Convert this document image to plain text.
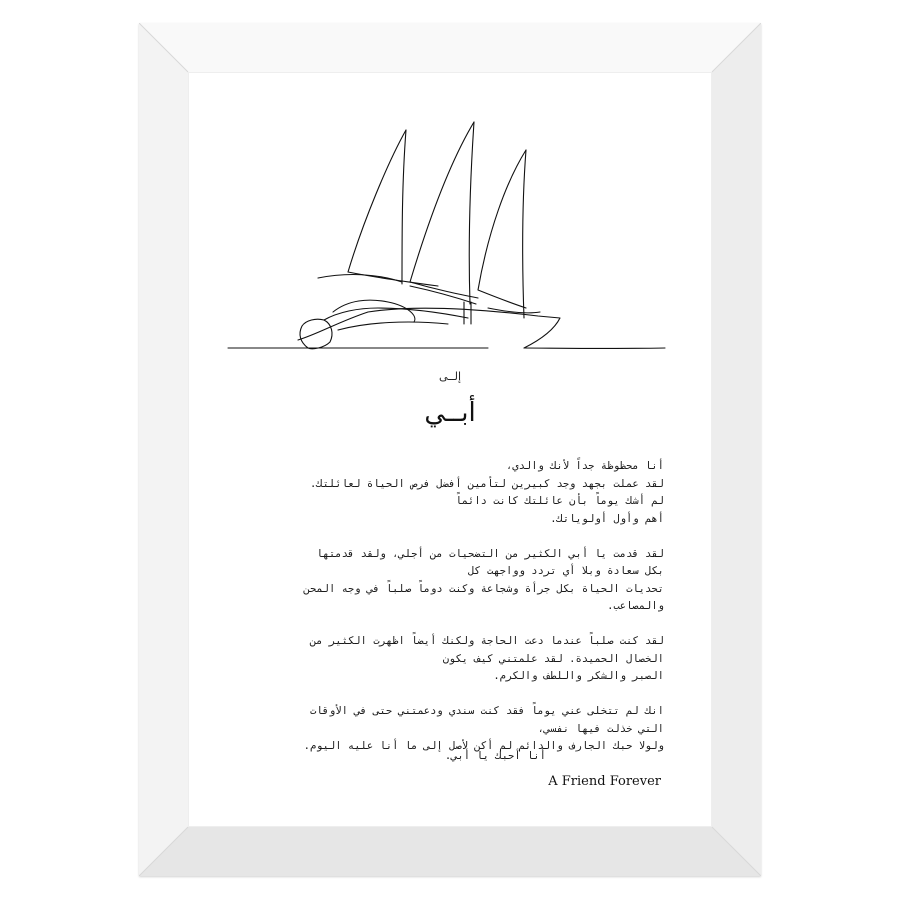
إلــى
أبــي
أنا محظوظة جداً لأنك والدي،
لقد عملت بجهد وجد كبيرين لتأمين أفضل فرص الحياة لعائلتك.
لم أشك يوماً بأن عائلتك كانت دائماً
أهم وأول أولوياتك.
لقد قدمت يا أبي الكثير من التضحيات من أجلي، ولقد قدمتها
بكل سعادة وبلا أي تردد وواجهت كل
تحديات الحياة بكل جرأة وشجاعة وكنت دوماً صلباً في وجه المحن
والمصاعب.
لقد كنت صلباً عندما دعت الحاجة ولكنك أيضاً اظهرت الكثير من
الخصال الحميدة. لقد علمتني كيف يكون
الصبر والشكر واللطف والكرم.
انك لم تتخلى عني يوماً فقد كنت سندي ودعمتني حتى في الأوقات
التي خذلت فيها نفسي،
ولولا حبك الجارف والدائم لم أكن لأصل إلى ما أنا عليه اليوم.
أنا أحبك يا أبي.
A Friend Forever
